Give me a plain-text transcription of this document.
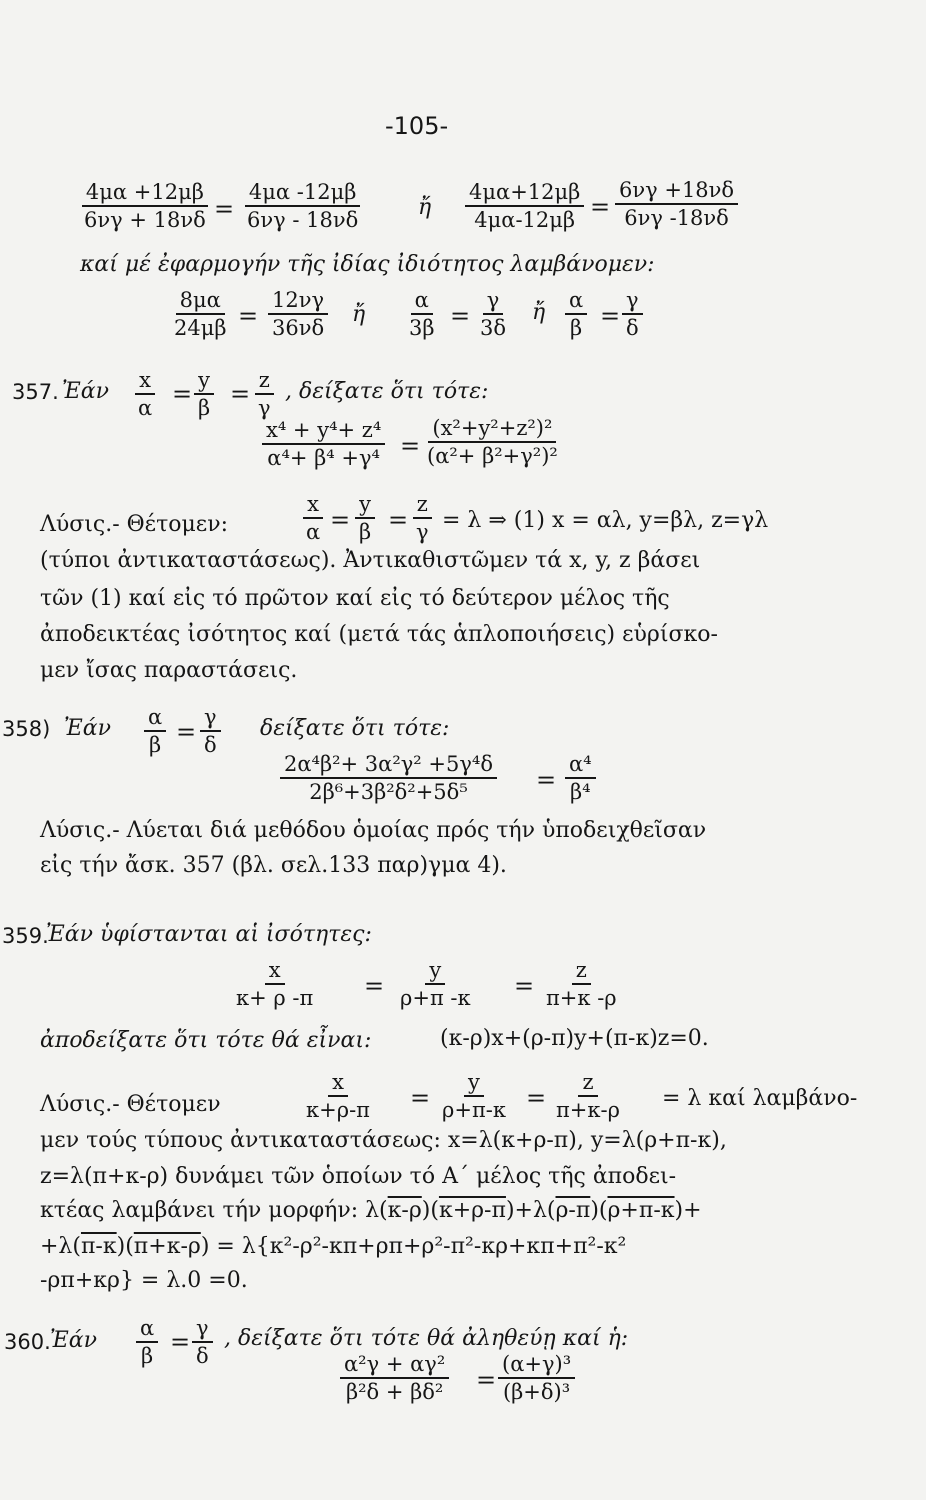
-105-
$\frac{4\mu\alpha +12\mu\beta}{6\nu\gamma + 18\nu\delta} = \frac{4\mu\alpha -12\mu\beta}{6\nu\gamma - 18\nu\delta}$	ἤ $\frac{4\mu\alpha+12\mu\beta}{4\mu\alpha-12\mu\beta} = \frac{6\nu\gamma +18\nu\delta}{6\nu\gamma -18\nu\delta}$
καί μέ ἐφαρμογήν τῆς ἰδίας ἰδιότητος λαμβάνομεν:
$\frac{8\mu\alpha}{24\mu\beta} = \frac{12\nu\gamma}{36\nu\delta}$ ἤ $\frac{\alpha}{3\beta} = \frac{\gamma}{3\delta}$ ἤ $\frac{\alpha}{\beta} = \frac{\gamma}{\delta}$
357. Ἐάν $\frac{x}{\alpha} = \frac{y}{\beta} = \frac{z}{\gamma}$ , δείξατε ὅτι τότε:
$\frac{\text{x⁴ + y⁴+ z⁴}}{\text{α⁴+ β⁴ +γ⁴}} = \frac{\text{(x²+y²+z²)²}}{\text{(α²+ β²+γ²)²}}$
Λύσις.- Θέτομεν:	$\frac{x}{\alpha} = \frac{y}{\beta} = \frac{z}{\gamma} = \lambda$ ⇒ (1) x = αλ, y=βλ, z=γλ
(τύποι ἀντικαταστάσεως). Ἀντικαθιστῶμεν τά x, y, z βάσει
τῶν (1) καί εἰς τό πρῶτον καί εἰς τό δεύτερον μέλος τῆς
ἀποδεικτέας ἰσότητος καί (μετά τάς ἁπλοποιήσεις) εὑρίσκο-
μεν ἴσας παραστάσεις.
358) Ἐάν $\frac{\alpha}{\beta} = \frac{\gamma}{\delta}$ δείξατε ὅτι τότε:
$\frac{\text{2α⁴β²+ 3α²γ² +5γ⁴δ}}{\text{2β⁶+3β²δ²+5δ⁵}} = \frac{\text{α⁴}}{\text{β⁴}}$
Λύσις.- Λύεται διά μεθόδου ὁμοίας πρός τήν ὑποδειχθεῖσαν
εἰς τήν ἄσκ. 357 (βλ. σελ.133 παρ)γμα 4).
359.
Ἐάν ὑφίστανται αἱ ἰσότητες:
$\frac{x}{\kappa+ \rho -\pi} = \frac{y}{\rho+\pi -\kappa} = \frac{z}{\pi+\kappa -\rho}$
ἀποδείξατε ὅτι τότε θά εἶναι:	(κ-ρ)x+(ρ-π)y+(π-κ)z=0.
Λύσις.- Θέτομεν	$\frac{x}{\kappa+\rho-\pi} = \frac{y}{\rho+\pi-\kappa} = \frac{z}{\pi+\kappa-\rho} = \lambda$ καί λαμβάνο-
μεν τούς τύπους ἀντικαταστάσεως: x=λ(κ+ρ-π), y=λ(ρ+π-κ),
z=λ(π+κ-ρ) δυνάμει τῶν ὁποίων τό Α΄ μέλος τῆς ἀποδει-
κτέας λαμβάνει τήν μορφήν: λ(κ-ρ)(κ+ρ-π)+λ(ρ-π)(ρ+π-κ)+
+λ(π-κ)(π+κ-ρ) = λ{κ²-ρ²-κπ+ρπ+ρ²-π²-κρ+κπ+π²-κ²
-ρπ+κρ} = λ.0 =0.
360. Ἐάν $\frac{\alpha}{\beta} = \frac{\gamma}{\delta}$ , δείξατε ὅτι τότε θά ἀληθεύῃ καί ἡ:
$\frac{\text{α²γ + αγ²}}{\text{β²δ + βδ²}} = \frac{\text{(α+γ)³}}{\text{(β+δ)³}}$
